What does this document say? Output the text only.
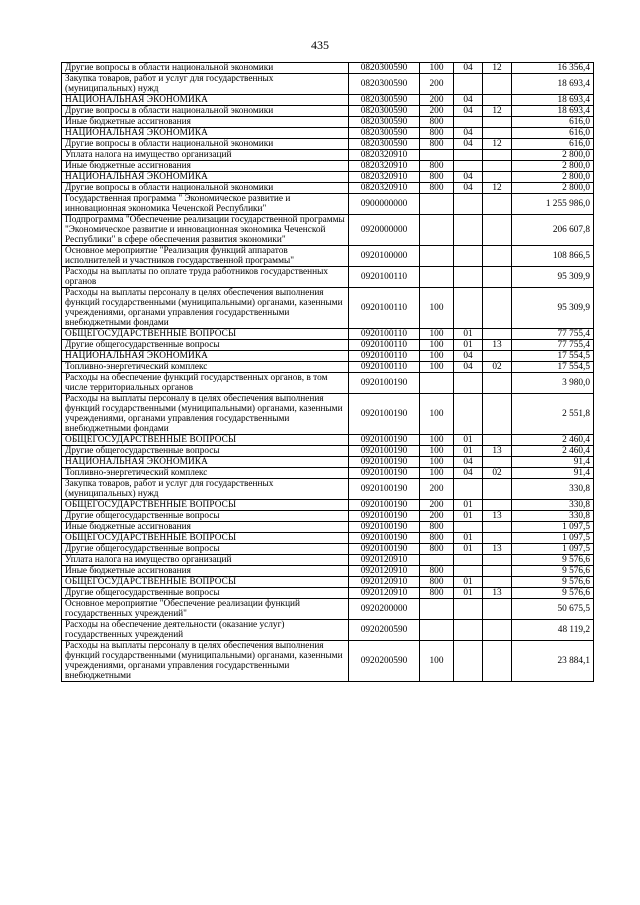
435
Другие вопросы в области национальной экономики	0820300590	100	04	12	16 356,4
Закупка товаров, работ и услуг для государственных (муниципальных) нужд	0820300590	200			18 693,4
НАЦИОНАЛЬНАЯ ЭКОНОМИКА	0820300590	200	04		18 693,4
Другие вопросы в области национальной экономики	0820300590	200	04	12	18 693,4
Иные бюджетные ассигнования	0820300590	800			616,0
НАЦИОНАЛЬНАЯ ЭКОНОМИКА	0820300590	800	04		616,0
Другие вопросы в области национальной экономики	0820300590	800	04	12	616,0
Уплата налога на имущество организаций	0820320910				2 800,0
Иные бюджетные ассигнования	0820320910	800			2 800,0
НАЦИОНАЛЬНАЯ ЭКОНОМИКА	0820320910	800	04		2 800,0
Другие вопросы в области национальной экономики	0820320910	800	04	12	2 800,0
Государственная программа " Экономическое развитие и инновационная экономика Чеченской Республики"	0900000000				1 255 986,0
Подпрограмма "Обеспечение реализации государственной программы "Экономическое развитие и инновационная экономика Чеченской Республики" в сфере обеспечения развития экономики"	0920000000				206 607,8
Основное мероприятие "Реализация функций аппаратов исполнителей и участников государственной программы"	0920100000				108 866,5
Расходы на выплаты по оплате труда работников государственных органов	0920100110				95 309,9
Расходы на выплаты персоналу в целях обеспечения выполнения функций государственными (муниципальными) органами, казенными учреждениями, органами управления государственными внебюджетными фондами	0920100110	100			95 309,9
ОБЩЕГОСУДАРСТВЕННЫЕ ВОПРОСЫ	0920100110	100	01		77 755,4
Другие общегосударственные вопросы	0920100110	100	01	13	77 755,4
НАЦИОНАЛЬНАЯ ЭКОНОМИКА	0920100110	100	04		17 554,5
Топливно-энергетический комплекс	0920100110	100	04	02	17 554,5
Расходы на обеспечение функций государственных органов, в том числе территориальных органов	0920100190				3 980,0
Расходы на выплаты персоналу в целях обеспечения выполнения функций государственными (муниципальными) органами, казенными учреждениями, органами управления государственными внебюджетными фондами	0920100190	100			2 551,8
ОБЩЕГОСУДАРСТВЕННЫЕ ВОПРОСЫ	0920100190	100	01		2 460,4
Другие общегосударственные вопросы	0920100190	100	01	13	2 460,4
НАЦИОНАЛЬНАЯ ЭКОНОМИКА	0920100190	100	04		91,4
Топливно-энергетический комплекс	0920100190	100	04	02	91,4
Закупка товаров, работ и услуг для государственных (муниципальных) нужд	0920100190	200			330,8
ОБЩЕГОСУДАРСТВЕННЫЕ ВОПРОСЫ	0920100190	200	01		330,8
Другие общегосударственные вопросы	0920100190	200	01	13	330,8
Иные бюджетные ассигнования	0920100190	800			1 097,5
ОБЩЕГОСУДАРСТВЕННЫЕ ВОПРОСЫ	0920100190	800	01		1 097,5
Другие общегосударственные вопросы	0920100190	800	01	13	1 097,5
Уплата налога на имущество организаций	0920120910				9 576,6
Иные бюджетные ассигнования	0920120910	800			9 576,6
ОБЩЕГОСУДАРСТВЕННЫЕ ВОПРОСЫ	0920120910	800	01		9 576,6
Другие общегосударственные вопросы	0920120910	800	01	13	9 576,6
Основное мероприятие "Обеспечение реализации функций государственных учреждений"	0920200000				50 675,5
Расходы на обеспечение деятельности (оказание услуг) государственных учреждений	0920200590				48 119,2
Расходы на выплаты персоналу в целях обеспечения выполнения функций государственными (муниципальными) органами, казенными учреждениями, органами управления государственными внебюджетными	0920200590	100			23 884,1
